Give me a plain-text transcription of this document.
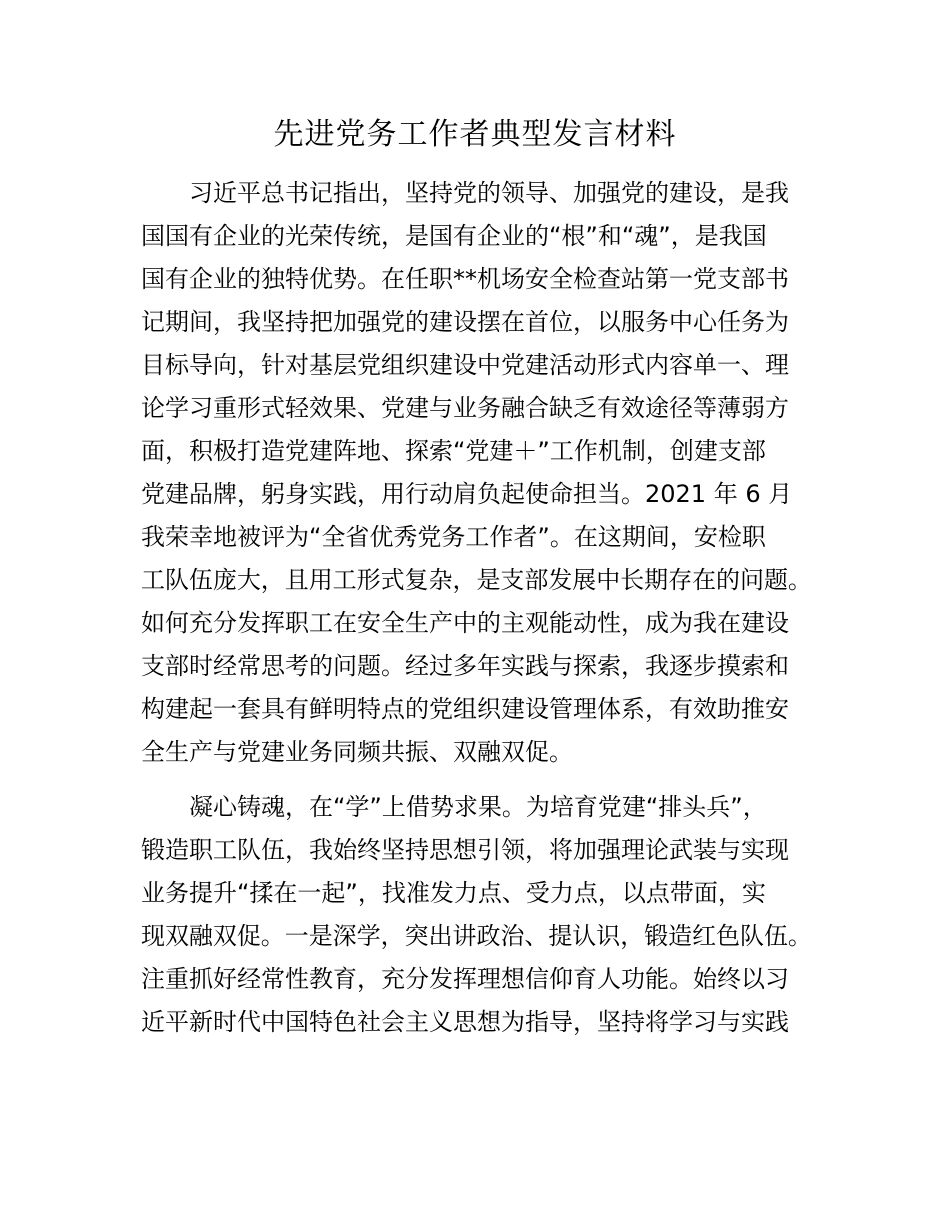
先进党务工作者典型发言材料

习近平总书记指出，坚持党的领导、加强党的建设，是我

国国有企业的光荣传统，是国有企业的“根”和“魂”，是我国

国有企业的独特优势。在任职**机场安全检查站第一党支部书

记期间，我坚持把加强党的建设摆在首位，以服务中心任务为

目标导向，针对基层党组织建设中党建活动形式内容单一、理

论学习重形式轻效果、党建与业务融合缺乏有效途径等薄弱方

面，积极打造党建阵地、探索“党建＋”工作机制，创建支部

党建品牌，躬身实践，用行动肩负起使命担当。2021 年 6 月

我荣幸地被评为“全省优秀党务工作者”。在这期间，安检职

工队伍庞大，且用工形式复杂，是支部发展中长期存在的问题。

如何充分发挥职工在安全生产中的主观能动性，成为我在建设

支部时经常思考的问题。经过多年实践与探索，我逐步摸索和

构建起一套具有鲜明特点的党组织建设管理体系，有效助推安

全生产与党建业务同频共振、双融双促。

凝心铸魂，在“学”上借势求果。为培育党建“排头兵”，

锻造职工队伍，我始终坚持思想引领，将加强理论武装与实现

业务提升“揉在一起”，找准发力点、受力点，以点带面，实

现双融双促。一是深学，突出讲政治、提认识，锻造红色队伍。

注重抓好经常性教育，充分发挥理想信仰育人功能。始终以习

近平新时代中国特色社会主义思想为指导，坚持将学习与实践
